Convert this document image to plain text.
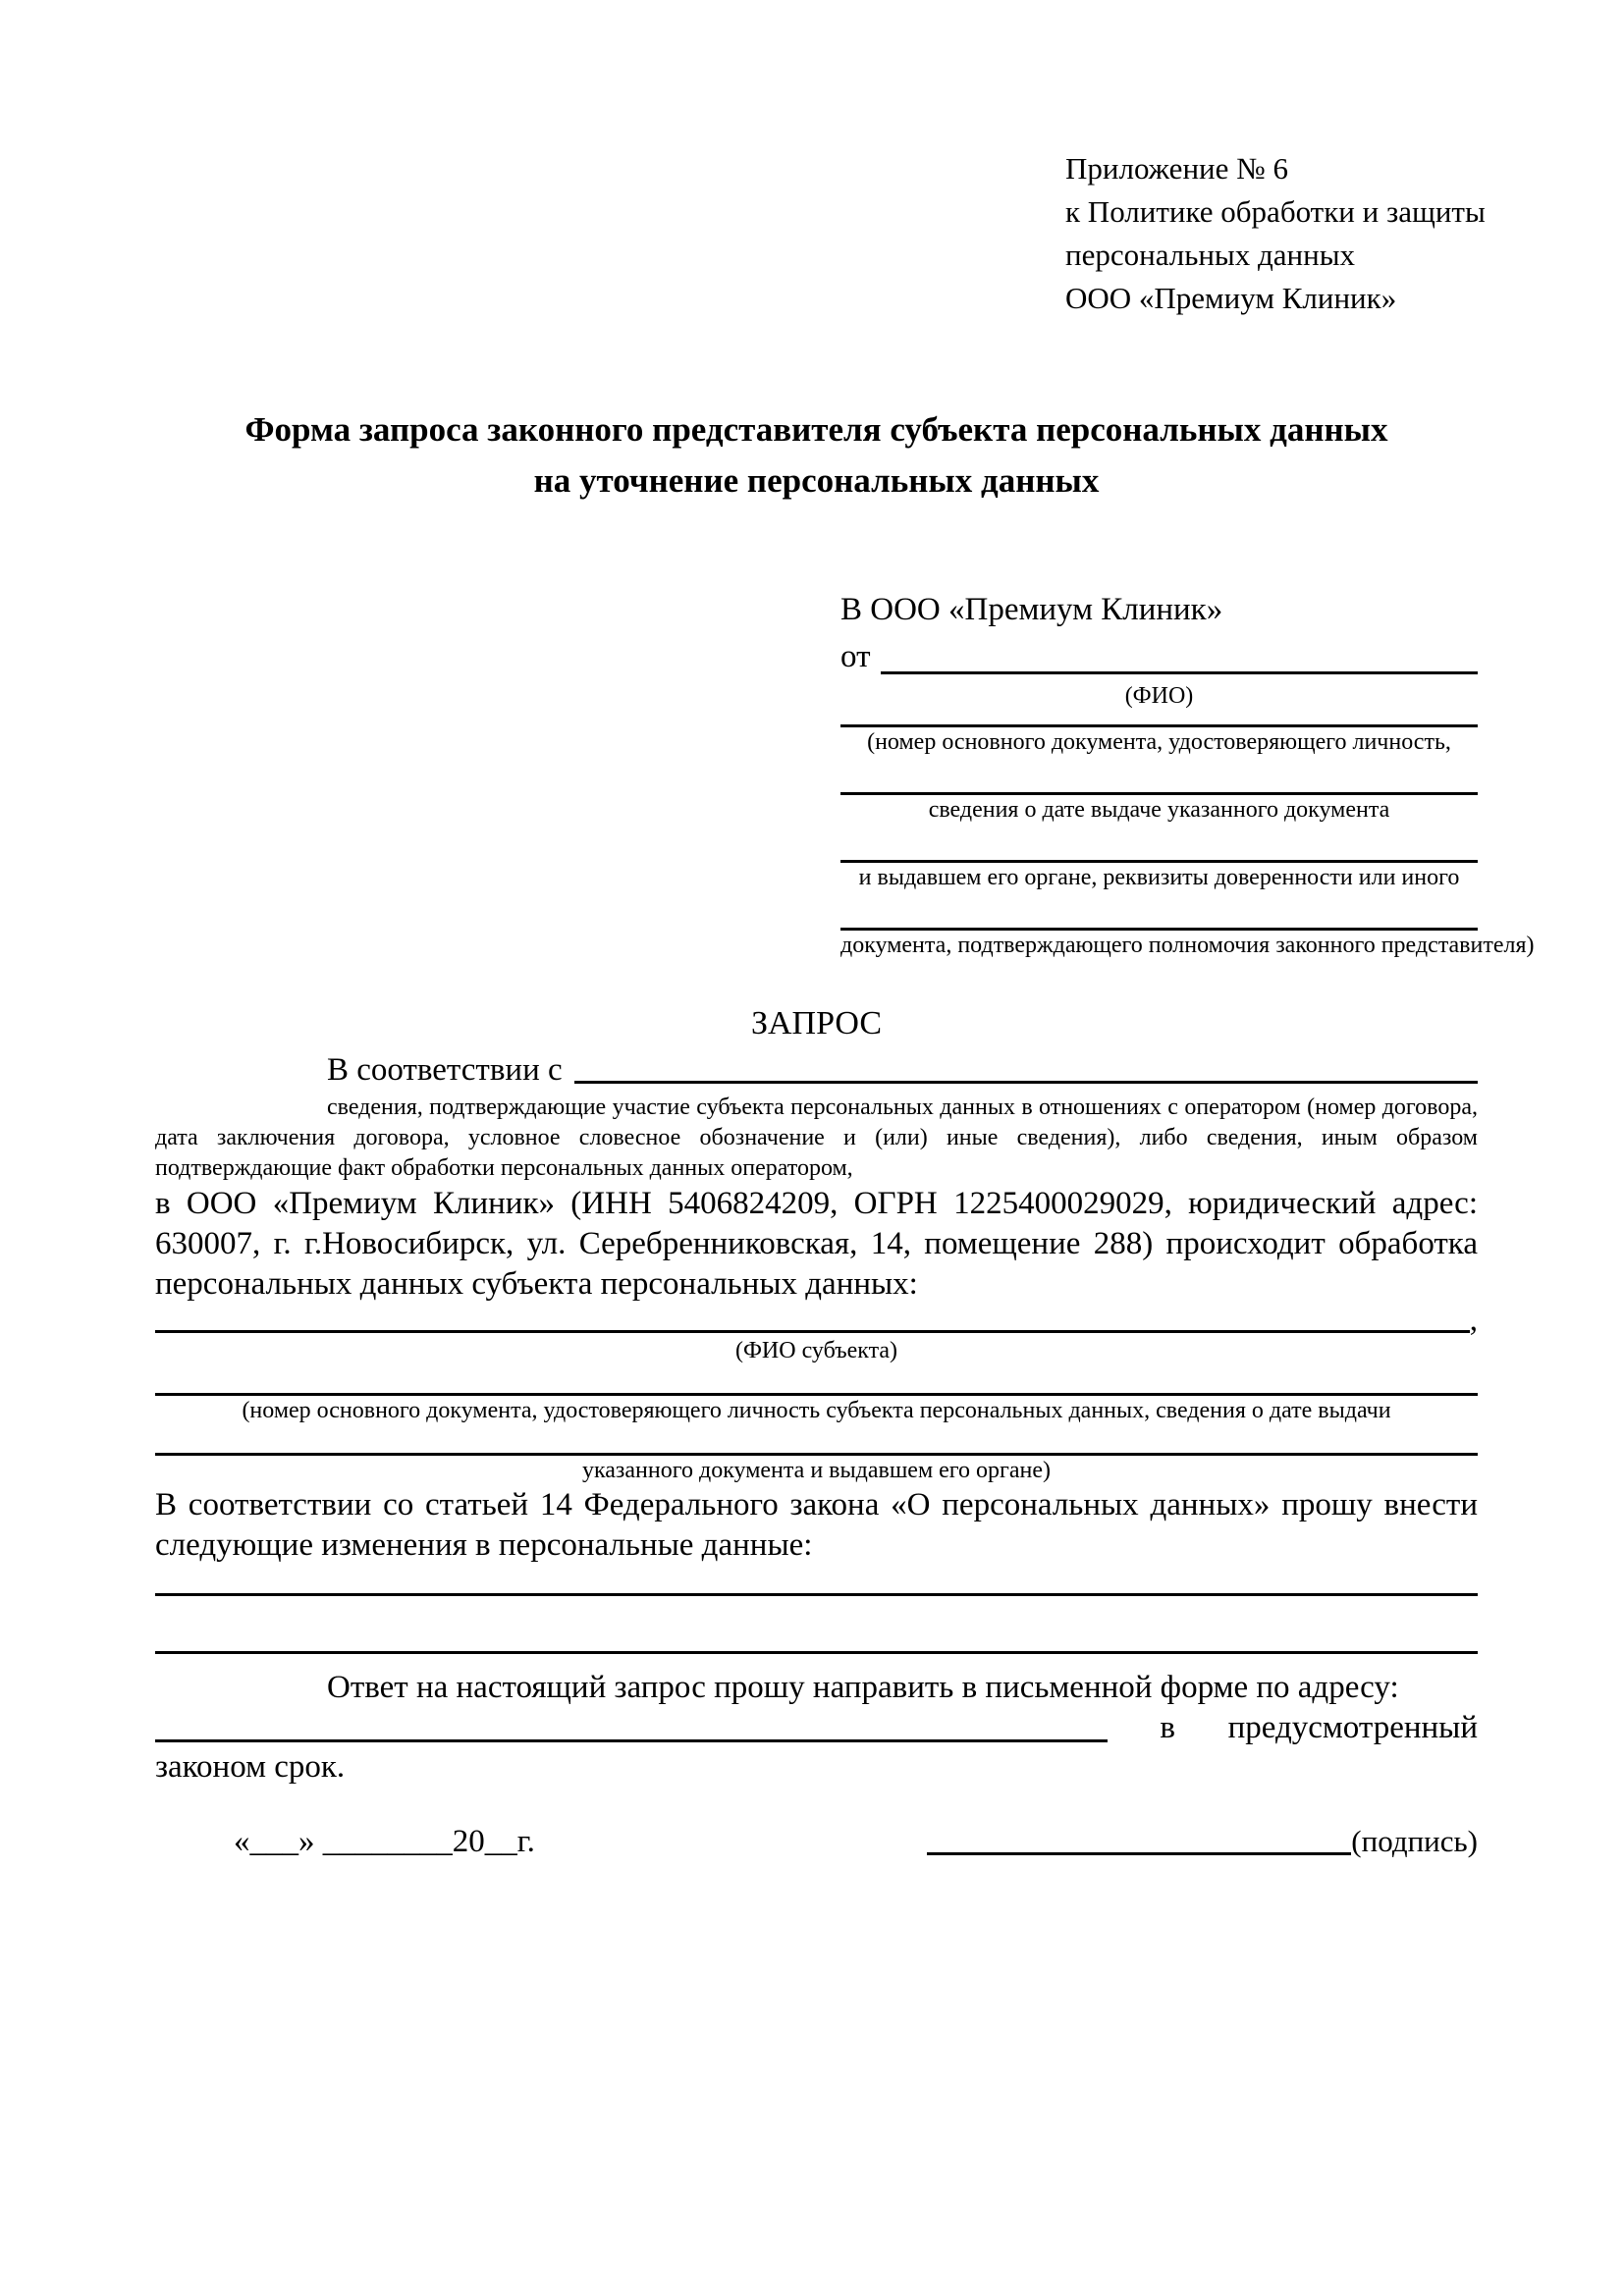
Приложение № 6
к Политике обработки и защиты
персональных данных
ООО «Премиум Клиник»
Форма запроса законного представителя субъекта персональных данных
на уточнение персональных данных
В ООО «Премиум Клиник»
от
(ФИО)
(номер основного документа, удостоверяющего личность,
сведения о дате выдаче указанного документа
и выдавшем его органе, реквизиты доверенности или иного
документа, подтверждающего полномочия законного представителя)
ЗАПРОС
В соответствии с
сведения, подтверждающие участие субъекта персональных данных в отношениях с оператором (номер договора, дата заключения договора, условное словесное обозначение и (или) иные сведения), либо сведения, иным образом подтверждающие факт обработки персональных данных оператором,

в ООО «Премиум Клиник» (ИНН 5406824209, ОГРН 1225400029029, юридический адрес: 630007, г. г.Новосибирск, ул. Серебренниковская, 14, помещение 288) происходит обработка персональных данных субъекта персональных данных:

,
(ФИО субъекта)
(номер основного документа, удостоверяющего личность субъекта персональных данных, сведения о дате выдачи
указанного документа и выдавшем его органе)

В соответствии со статьей 14 Федерального закона «О персональных данных» прошу внести следующие изменения в персональные данные:

Ответ на настоящий запрос прошу направить в письменной форме по адресу:

в предусмотренный

законом срок.

«___» ________20__г.	(подпись)
